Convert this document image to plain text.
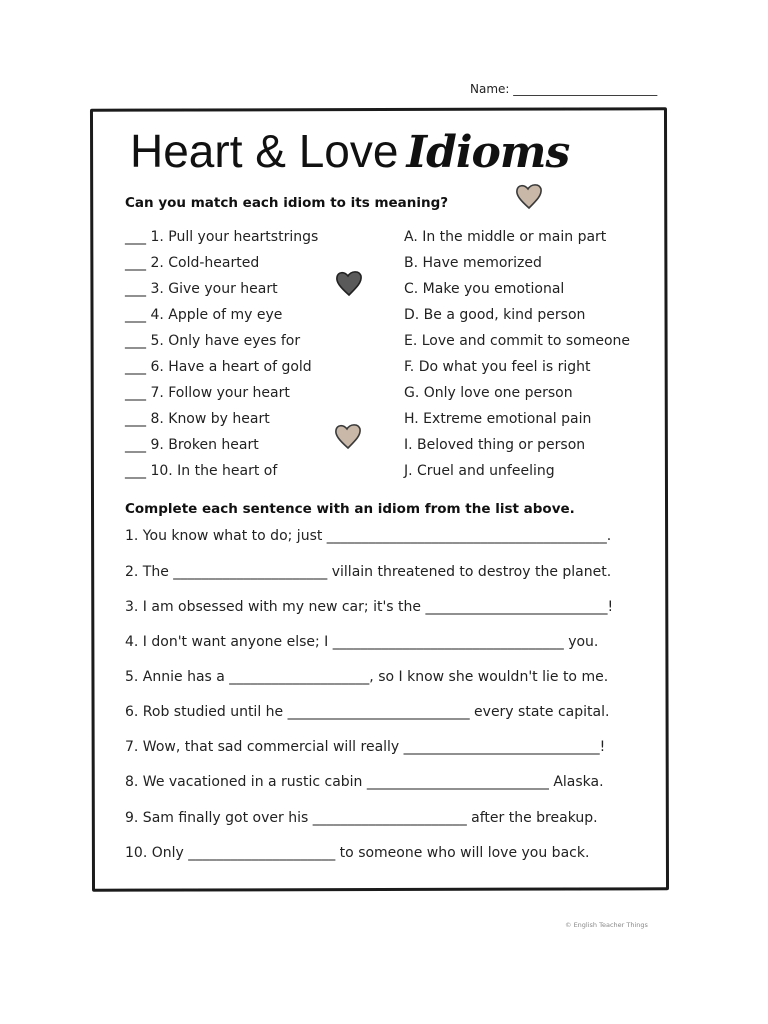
Name: ________________________
Heart & Love Idioms
Can you match each idiom to its meaning?
___ 1. Pull your heartstrings
___ 2. Cold-hearted
___ 3. Give your heart
___ 4. Apple of my eye
___ 5. Only have eyes for
___ 6. Have a heart of gold
___ 7. Follow your heart
___ 8. Know by heart
___ 9. Broken heart
___ 10. In the heart of
A. In the middle or main part
B. Have memorized
C. Make you emotional
D. Be a good, kind person
E. Love and commit to someone
F. Do what you feel is right
G. Only love one person
H. Extreme emotional pain
I. Beloved thing or person
J. Cruel and unfeeling
Complete each sentence with an idiom from the list above.
1. You know what to do; just ________________________________________.
2. The ______________________ villain threatened to destroy the planet.
3. I am obsessed with my new car; it's the __________________________!
4. I don't want anyone else; I _________________________________ you.
5. Annie has a ____________________, so I know she wouldn't lie to me.
6. Rob studied until he __________________________ every state capital.
7. Wow, that sad commercial will really ____________________________!
8. We vacationed in a rustic cabin __________________________ Alaska.
9. Sam finally got over his ______________________ after the breakup.
10. Only _____________________ to someone who will love you back.
© English Teacher Things
